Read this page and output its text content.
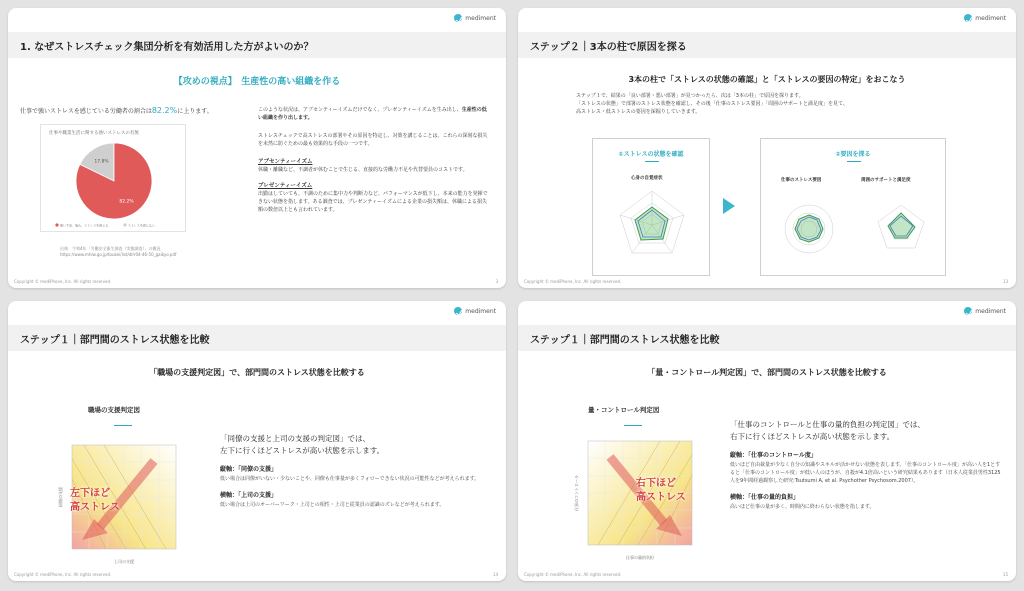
mediment
1. なぜストレスチェック集団分析を有効活用した方がよいのか？
【攻めの視点】　生産性の高い組織を作る
仕事で強いストレスを感じている労働者の割合は82.2%に上ります。
仕事や職業生活に関する強いストレスの有無
17.8%
82.2%
強い不安、悩み、ストレスを感じる	ストレスを感じない
出典　 令和4年「労働安全衛生調査（実態調査）」の概況 https://www.mhlw.go.jp/toukei/list/dl/r04-46-50_gaikyo.pdf

このような状況は、アブセンティーイズムだけでなく、プレゼンティーイズムを生み出し、生産性の低い組織を作り出します。

ストレスチェックで高ストレスの部署やその原因を特定し、対策を講じることは、これらの深刻な損失を未然に防ぐための最も効果的な手段の一つです。

アブセンティーイズム

休職・離職など、不調者が休むことで生じる、直接的な労働力不足や代替要員のコストです。

プレゼンティーイズム

出勤はしていても、不調のために集中力や判断力など、パフォーマンスが低下し、本来の能力を発揮できない状態を指します。ある調査では、プレゼンティーイズムによる企業の損失額は、休職による損失額の数倍以上とも言われています。

Copyright © mediPhone, Inc. All rights reserved.	3
mediment
ステップ２｜3本の柱で原因を探る
3本の柱で「ストレスの状態の確認」と「ストレスの要因の特定」をおこなう
ステップ１で、結果の「良い部署・悪い部署」が見つかったら、次は「3本の柱」で原因を探ります。
「ストレスの状態」で部署のストレス状態を確認し、その後「仕事のストレス要因」「周囲のサポートと満足度」を見て、
高ストレス・低ストレスの要因を深掘りしていきます。
①ストレスの状態を確認
心身の自覚症状
②要因を探る
仕事のストレス要因	周囲のサポートと満足度
Copyright © mediPhone, Inc. All rights reserved.	13
mediment
ステップ１｜部門間のストレス状態を比較
「職場の支援判定図」で、部門間のストレス状態を比較する
職場の支援判定図
上司の支援
同僚の支援 左下ほど
高ストレス
「同僚の支援と上司の支援の判定図」では、
左下に行くほどストレスが高い状態を示します。
縦軸：「同僚の支援」
低い場合は同僚がいない・少ないことや、同僚も仕事量が多くフォローできない状況の可能性などが考えられます。
横軸：「上司の支援」
低い場合は上司のオーバーワーク・上司との相性・上司と従業員の認識のズレなどが考えられます。
Copyright © mediPhone, Inc. All rights reserved.	14
mediment
ステップ１｜部門間のストレス状態を比較
「量・コントロール判定図」で、部門間のストレス状態を比較する
量・コントロール判定図
仕事の量的負担
仕事のコントロール	右下ほど
高ストレス
「仕事のコントロールと仕事の量的負担の判定図」では、
右下に行くほどストレスが高い状態を示します。
縦軸：「仕事のコントロール度」
低いほど自由裁量が少なく自分の知識やスキルが活かせない状態を表します。「仕事のコントロール度」が高い人を1とすると「仕事のコントロール度」が低い人のほうが、自殺が4.1倍高いという研究結果もあります（日本人従業員男性3125人を9年間経過観察した研究:Tsutsumi A, et al. Psychother Psychosom.2007）。
横軸：「仕事の量的負担」
高いほど仕事の量が多く、時間内に終わらない状態を指します。
Copyright © mediPhone, Inc. All rights reserved.	15
